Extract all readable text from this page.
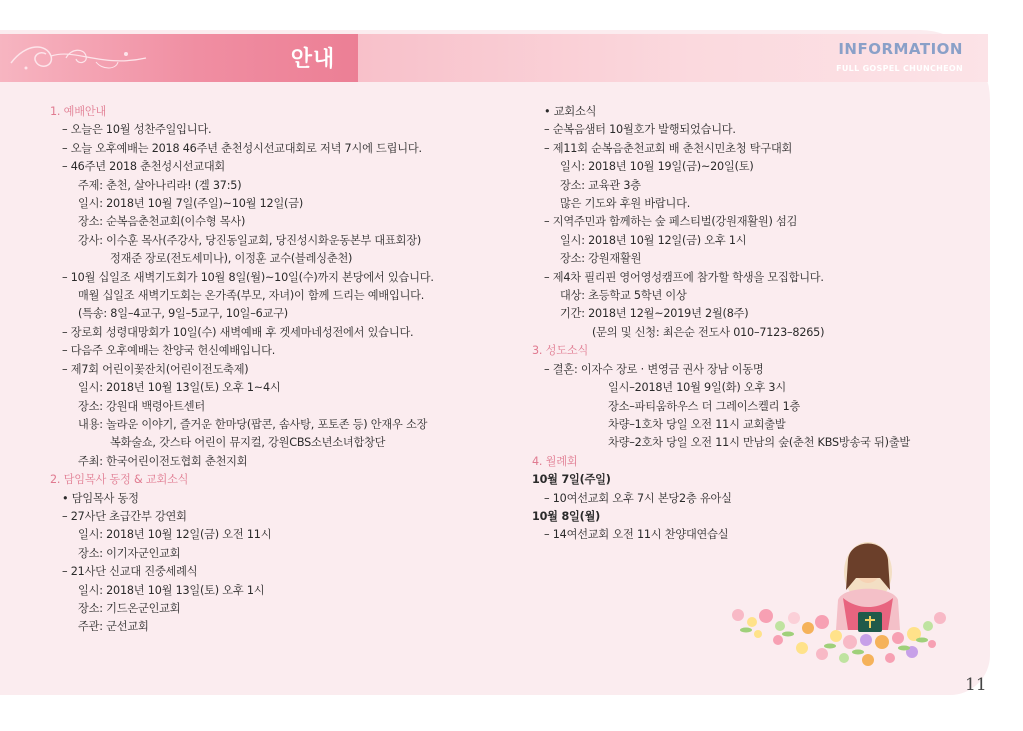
안내	INFORMATION
FULL GOSPEL CHUNCHEON
1. 예배안내
– 오늘은 10월 성찬주일입니다.
– 오늘 오후예배는 2018 46주년 춘천성시선교대회로 저녁 7시에 드립니다.
– 46주년 2018 춘천성시선교대회
주제: 춘천, 살아나리라! (겔 37:5)
일시: 2018년 10월 7일(주일)~10월 12일(금)
장소: 순복음춘천교회(이수형 목사)
강사: 이수훈 목사(주강사, 당진동일교회, 당진성시화운동본부 대표회장)
정재준 장로(전도세미나), 이정훈 교수(블레싱춘천)
– 10월 십일조 새벽기도회가 10월 8일(월)~10일(수)까지 본당에서 있습니다.
매월 십일조 새벽기도회는 온가족(부모, 자녀)이 함께 드리는 예배입니다.
(특송: 8일–4교구, 9일–5교구, 10일–6교구)
– 장로회 성령대망회가 10일(수) 새벽예배 후 겟세마네성전에서 있습니다.
– 다음주 오후예배는 찬양국 헌신예배입니다.
– 제7회 어린이꽃잔치(어린이전도축제)
일시: 2018년 10월 13일(토) 오후 1~4시
장소: 강원대 백령아트센터
내용: 놀라운 이야기, 즐거운 한마당(팝콘, 솜사탕, 포토존 등) 안재우 소장
복화술쇼, 갓스타 어린이 뮤지컬, 강원CBS소년소녀합창단
주최: 한국어린이전도협회 춘천지회
2. 담임목사 동정 & 교회소식
• 담임목사 동정
– 27사단 초급간부 강연회
일시: 2018년 10월 12일(금) 오전 11시
장소: 이기자군인교회
– 21사단 신교대 진중세례식
일시: 2018년 10월 13일(토) 오후 1시
장소: 기드온군인교회
주관: 군선교회
• 교회소식
– 순복음샘터 10월호가 발행되었습니다.
– 제11회 순복음춘천교회 배 춘천시민초청 탁구대회
일시: 2018년 10월 19일(금)~20일(토)
장소: 교육관 3층
많은 기도와 후원 바랍니다.
– 지역주민과 함께하는 숲 페스티벌(강원재활원) 섬김
일시: 2018년 10월 12일(금) 오후 1시
장소: 강원재활원
– 제4차 필리핀 영어영성캠프에 참가할 학생을 모집합니다.
대상: 초등학교 5학년 이상
기간: 2018년 12월~2019년 2월(8주)
(문의 및 신청: 최은순 전도사 010–7123–8265)
3. 성도소식
– 결혼: 이자수 장로 · 변영금 권사 장남 이동명
일시–2018년 10월 9일(화) 오후 3시
장소–파티움하우스 더 그레이스켈리 1층
차량–1호차 당일 오전 11시 교회출발
차량–2호차 당일 오전 11시 만남의 숲(춘천 KBS방송국 뒤)출발
4. 월례회
10월 7일(주일)
– 10여선교회 오후 7시 본당2층 유아실
10월 8일(월)
– 14여선교회 오전 11시 찬양대연습실
11
